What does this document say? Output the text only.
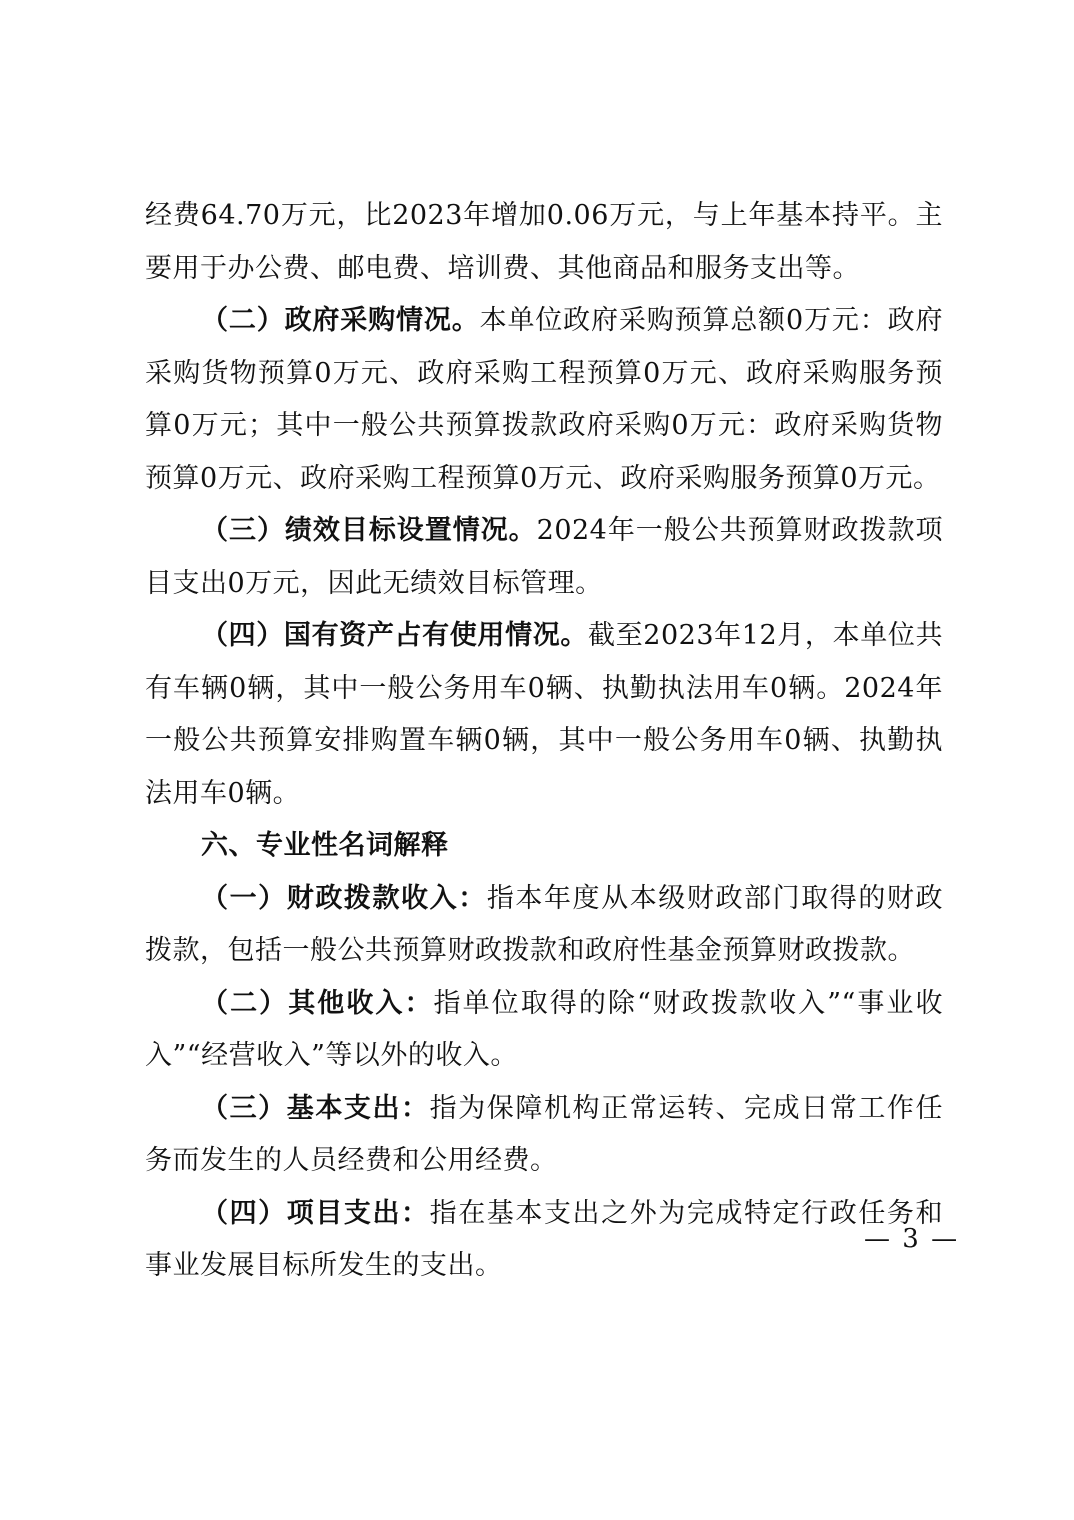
经费64.70万元，比2023年增加0.06万元，与上年基本持平。主要用于办公费、邮电费、培训费、其他商品和服务支出等。

（二）政府采购情况。本单位政府采购预算总额0万元：政府采购货物预算0万元、政府采购工程预算0万元、政府采购服务预算0万元；其中一般公共预算拨款政府采购0万元：政府采购货物预算0万元、政府采购工程预算0万元、政府采购服务预算0万元。

（三）绩效目标设置情况。2024年一般公共预算财政拨款项目支出0万元，因此无绩效目标管理。

（四）国有资产占有使用情况。截至2023年12月，本单位共有车辆0辆，其中一般公务用车0辆、执勤执法用车0辆。2024年一般公共预算安排购置车辆0辆，其中一般公务用车0辆、执勤执法用车0辆。

六、专业性名词解释

（一）财政拨款收入：指本年度从本级财政部门取得的财政拨款，包括一般公共预算财政拨款和政府性基金预算财政拨款。

（二）其他收入：指单位取得的除“财政拨款收入”“事业收入”“经营收入”等以外的收入。

（三）基本支出：指为保障机构正常运转、完成日常工作任务而发生的人员经费和公用经费。

（四）项目支出：指在基本支出之外为完成特定行政任务和事业发展目标所发生的支出。

— 3 —
